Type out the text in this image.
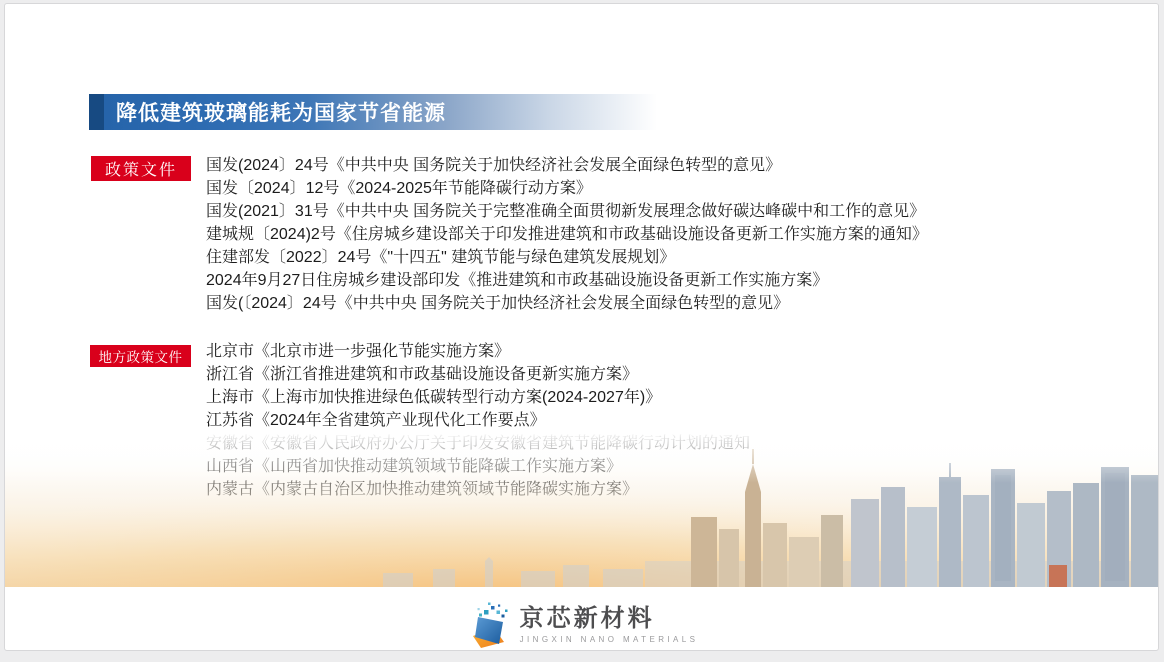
降低建筑玻璃能耗为国家节省能源
政策文件	国发(2024〕24号《中共中央 国务院关于加快经济社会发展全面绿色转型的意见》
国发〔2024〕12号《2024-2025年节能降碳行动方案》
国发(2021〕31号《中共中央 国务院关于完整准确全面贯彻新发展理念做好碳达峰碳中和工作的意见》
建城规〔2024)2号《住房城乡建设部关于印发推进建筑和市政基础设施设备更新工作实施方案的通知》
住建部发〔2022〕24号《"十四五" 建筑节能与绿色建筑发展规划》
2024年9月27日住房城乡建设部印发《推进建筑和市政基础设施设备更新工作实施方案》
国发(〔2024〕24号《中共中央 国务院关于加快经济社会发展全面绿色转型的意见》
地方政策文件	北京市《北京市进一步强化节能实施方案》
浙江省《浙江省推进建筑和市政基础设施设备更新实施方案》
上海市《上海市加快推进绿色低碳转型行动方案(2024-2027年)》
江苏省《2024年全省建筑产业现代化工作要点》
京芯新材料
JINGXIN NANO MATERIALS
